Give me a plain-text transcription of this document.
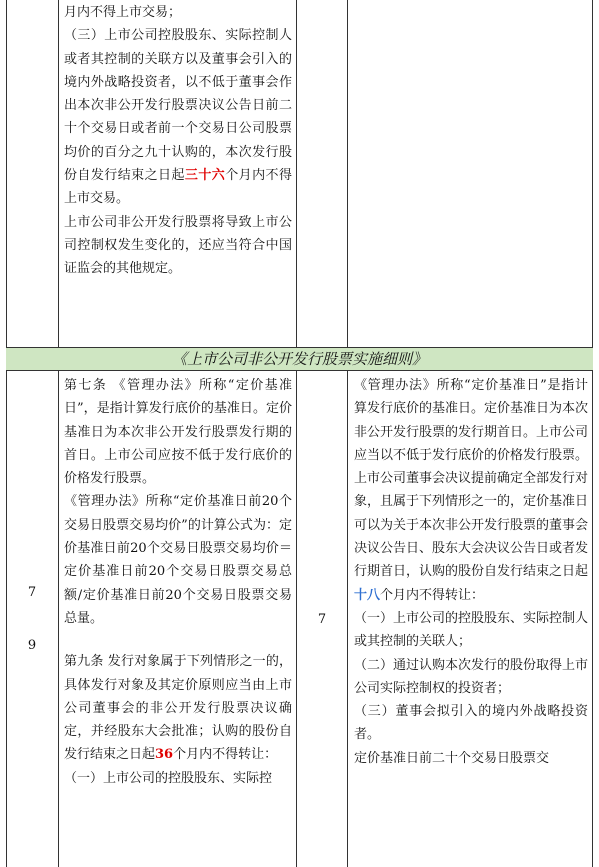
月内不得上市交易；

（三）上市公司控股股东、实际控制人或者其控制的关联方以及董事会引入的境内外战略投资者，以不低于董事会作出本次非公开发行股票决议公告日前二十个交易日或者前一个交易日公司股票均价的百分之九十认购的，本次发行股份自发行结束之日起三十六个月内不得上市交易。

上市公司非公开发行股票将导致上市公司控制权发生变化的，还应当符合中国证监会的其他规定。

《上市公司非公开发行股票实施细则》
7
9
7

第七条 《管理办法》所称“定价基准日”，是指计算发行底价的基准日。定价基准日为本次非公开发行股票发行期的首日。上市公司应按不低于发行底价的价格发行股票。

《管理办法》所称“定价基准日前20个交易日股票交易均价”的计算公式为：定价基准日前20个交易日股票交易均价＝定价基准日前20个交易日股票交易总额/定价基准日前20个交易日股票交易总量。

第九条 发行对象属于下列情形之一的，具体发行对象及其定价原则应当由上市公司董事会的非公开发行股票决议确定，并经股东大会批准；认购的股份自发行结束之日起36个月内不得转让：

（一）上市公司的控股股东、实际控

《管理办法》所称“定价基准日”是指计算发行底价的基准日。定价基准日为本次非公开发行股票的发行期首日。上市公司应当以不低于发行底价的价格发行股票。

上市公司董事会决议提前确定全部发行对象，且属于下列情形之一的，定价基准日可以为关于本次非公开发行股票的董事会决议公告日、股东大会决议公告日或者发行期首日，认购的股份自发行结束之日起十八个月内不得转让：

（一）上市公司的控股股东、实际控制人或其控制的关联人；

（二）通过认购本次发行的股份取得上市公司实际控制权的投资者；

（三）董事会拟引入的境内外战略投资者。

定价基准日前二十个交易日股票交
